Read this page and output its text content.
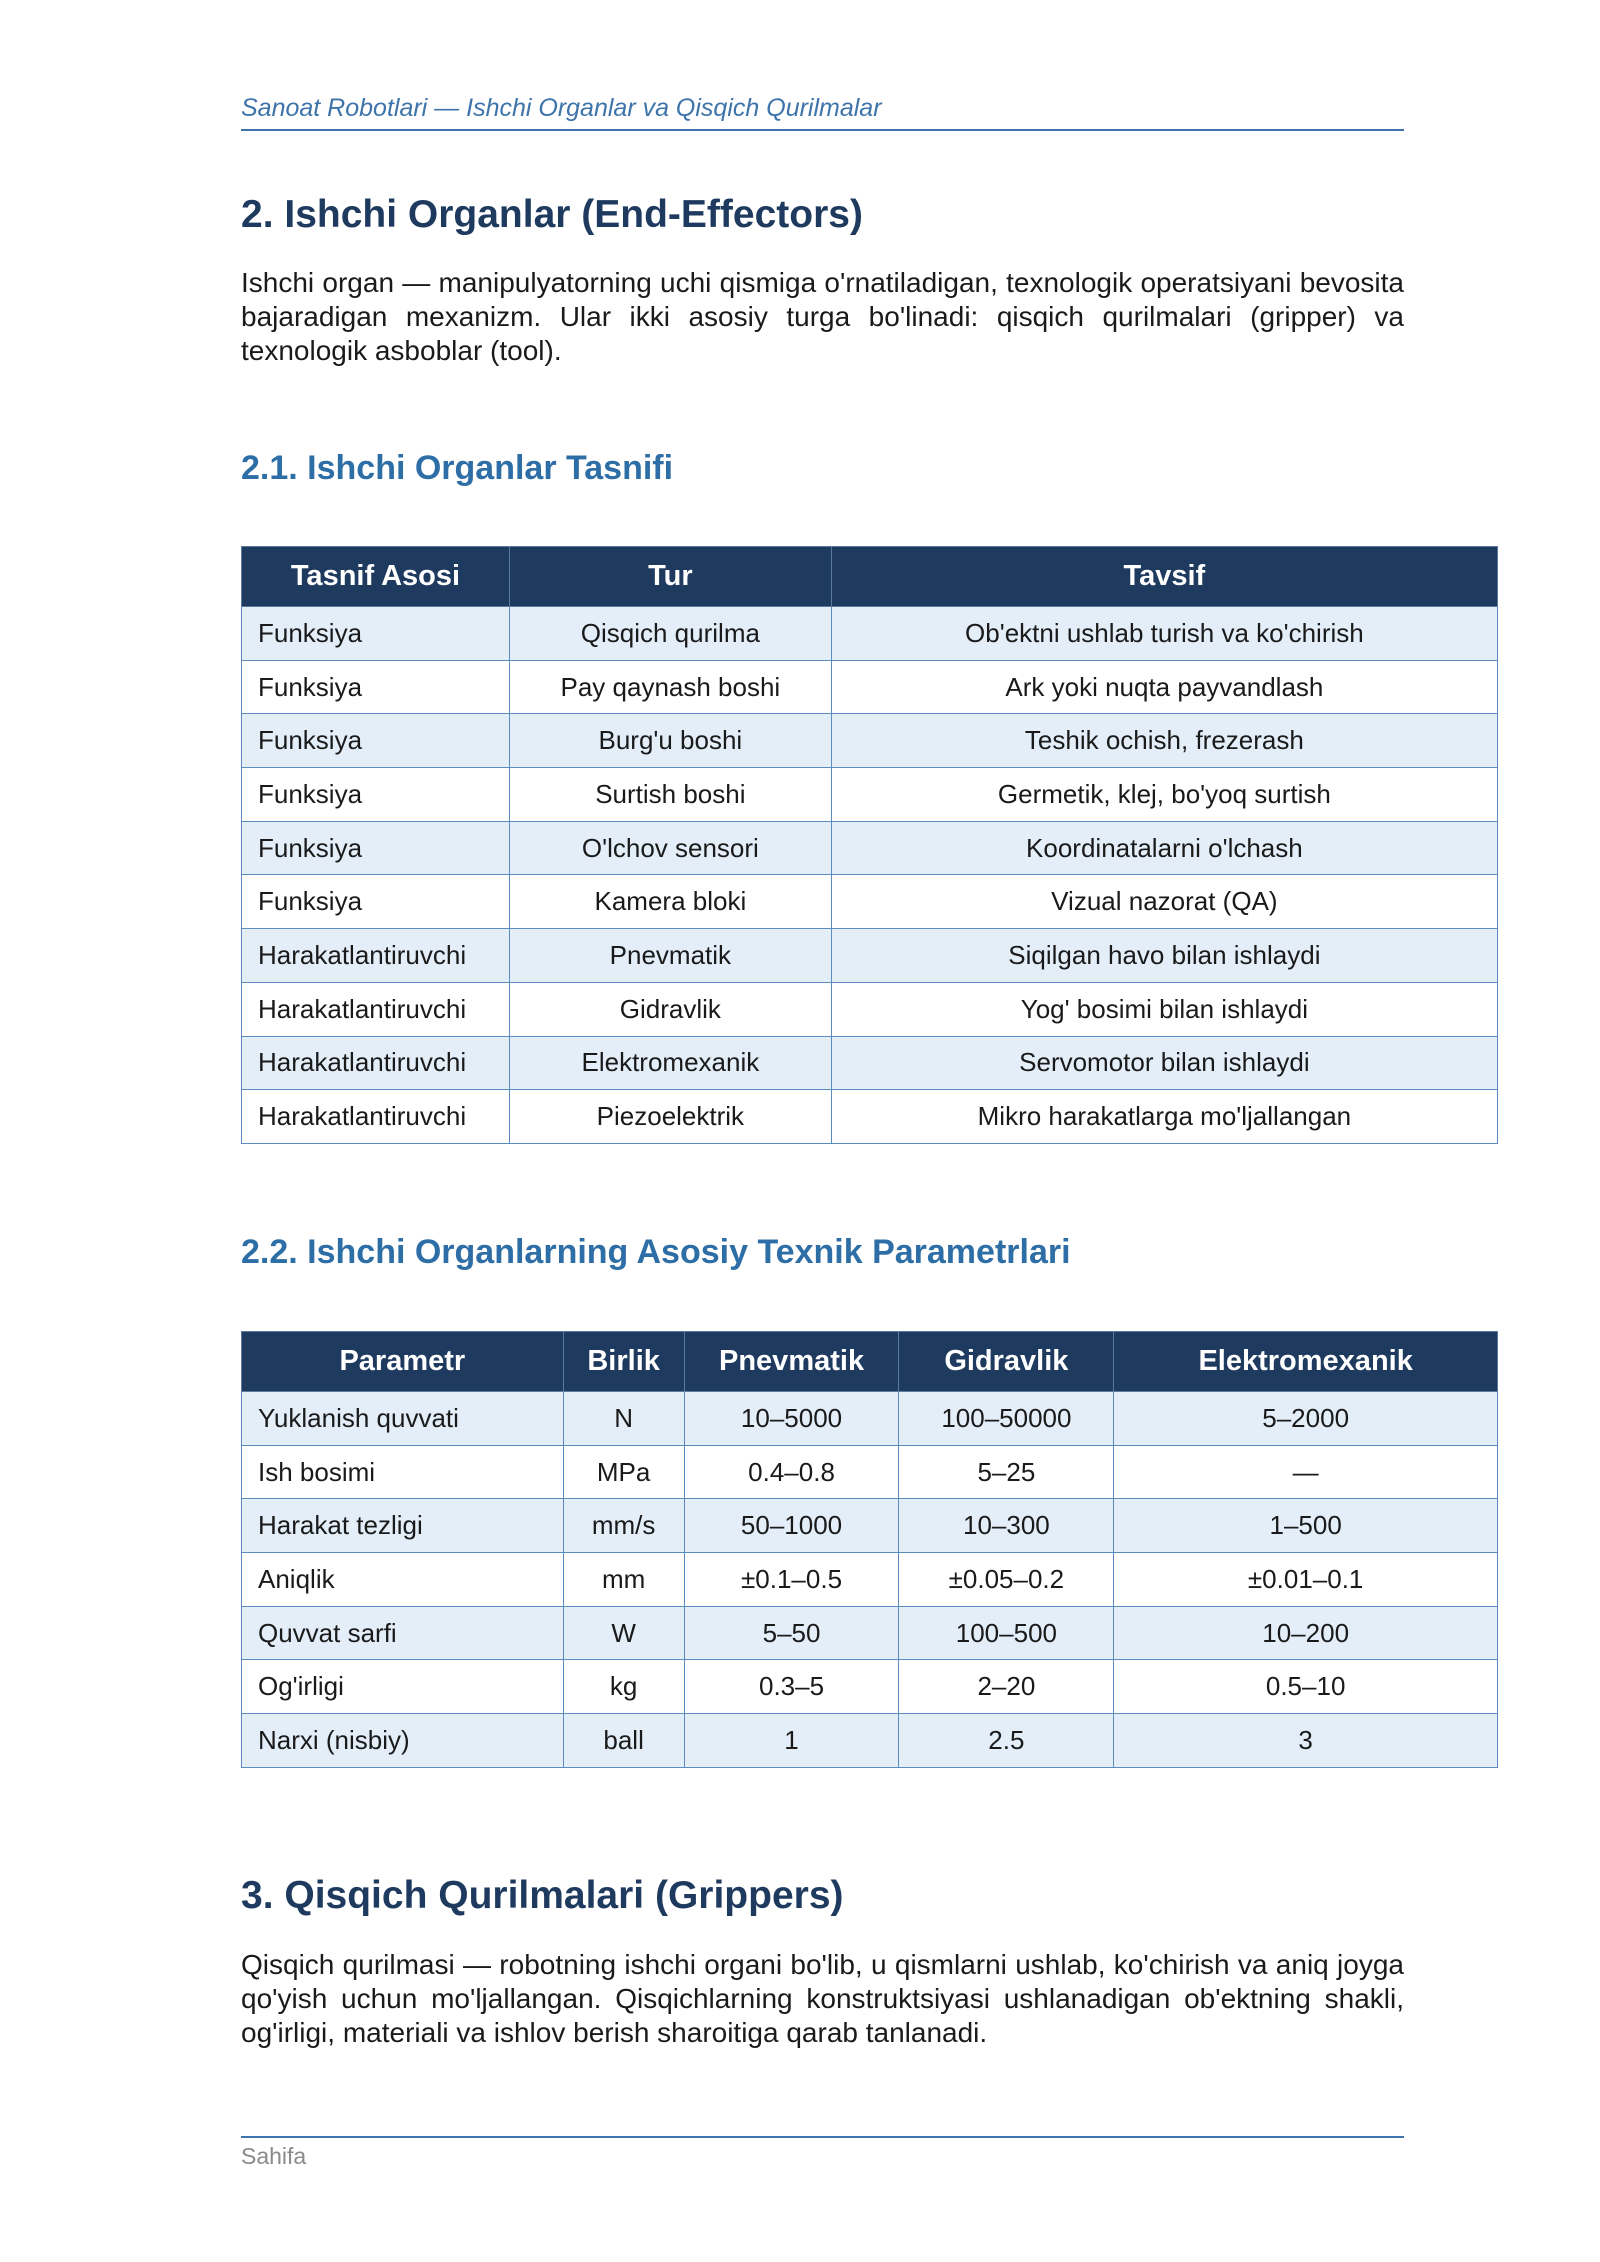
Sanoat Robotlari — Ishchi Organlar va Qisqich Qurilmalar
2. Ishchi Organlar (End-Effectors)
Ishchi organ — manipulyatorning uchi qismiga o'rnatiladigan, texnologik operatsiyani bevosita bajaradigan mexanizm. Ular ikki asosiy turga bo'linadi: qisqich qurilmalari (gripper) va texnologik asboblar (tool).
2.1. Ishchi Organlar Tasnifi
Tasnif Asosi	Tur	Tavsif
Funksiya	Qisqich qurilma	Ob'ektni ushlab turish va ko'chirish
Funksiya	Pay qaynash boshi	Ark yoki nuqta payvandlash
Funksiya	Burg'u boshi	Teshik ochish, frezerash
Funksiya	Surtish boshi	Germetik, klej, bo'yoq surtish
Funksiya	O'lchov sensori	Koordinatalarni o'lchash
Funksiya	Kamera bloki	Vizual nazorat (QA)
Harakatlantiruvchi	Pnevmatik	Siqilgan havo bilan ishlaydi
Harakatlantiruvchi	Gidravlik	Yog' bosimi bilan ishlaydi
Harakatlantiruvchi	Elektromexanik	Servomotor bilan ishlaydi
Harakatlantiruvchi	Piezoelektrik	Mikro harakatlarga mo'ljallangan
2.2. Ishchi Organlarning Asosiy Texnik Parametrlari
Parametr	Birlik	Pnevmatik	Gidravlik	Elektromexanik
Yuklanish quvvati	N	10–5000	100–50000	5–2000
Ish bosimi	MPa	0.4–0.8	5–25	—
Harakat tezligi	mm/s	50–1000	10–300	1–500
Aniqlik	mm	±0.1–0.5	±0.05–0.2	±0.01–0.1
Quvvat sarfi	W	5–50	100–500	10–200
Og'irligi	kg	0.3–5	2–20	0.5–10
Narxi (nisbiy)	ball	1	2.5	3
3. Qisqich Qurilmalari (Grippers)
Qisqich qurilmasi — robotning ishchi organi bo'lib, u qismlarni ushlab, ko'chirish va aniq joyga qo'yish uchun mo'ljallangan. Qisqichlarning konstruktsiyasi ushlanadigan ob'ektning shakli, og'irligi, materiali va ishlov berish sharoitiga qarab tanlanadi.
Sahifa
